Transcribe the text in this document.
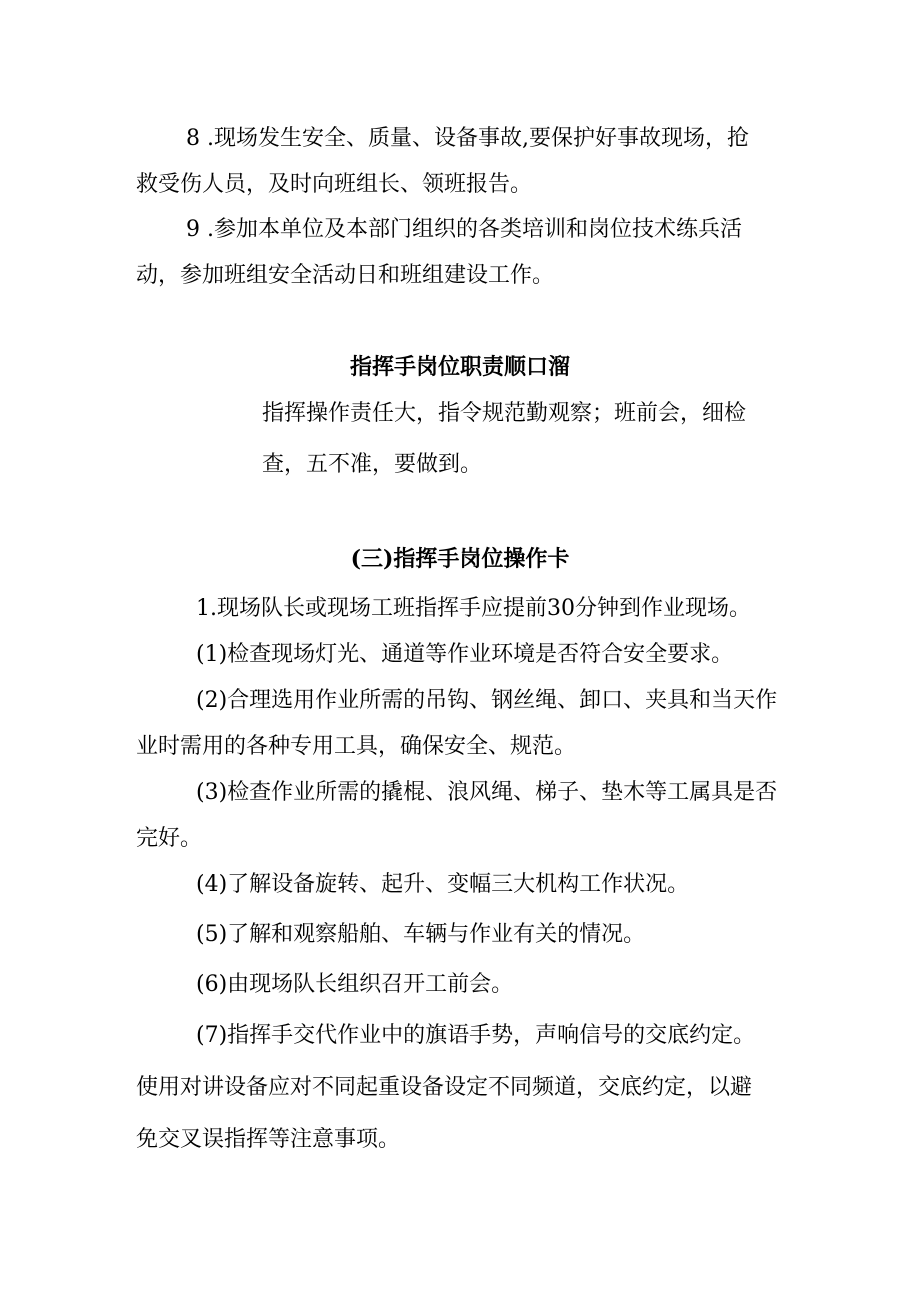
8 .现场发生安全、质量、设备事故,要保护好事故现场，抢
救受伤人员，及时向班组长、领班报告。
9 .参加本单位及本部门组织的各类培训和岗位技术练兵活
动，参加班组安全活动日和班组建设工作。
指挥手岗位职责顺口溜
指挥操作责任大，指令规范勤观察；班前会，细检
查，五不准，要做到。
(三)指挥手岗位操作卡
1.现场队长或现场工班指挥手应提前30分钟到作业现场。
(1)检查现场灯光、通道等作业环境是否符合安全要求。
(2)合理选用作业所需的吊钩、钢丝绳、卸口、夹具和当天作
业时需用的各种专用工具，确保安全、规范。
(3)检查作业所需的撬棍、浪风绳、梯子、垫木等工属具是否
完好。
(4)了解设备旋转、起升、变幅三大机构工作状况。
(5)了解和观察船舶、车辆与作业有关的情况。
(6)由现场队长组织召开工前会。
(7)指挥手交代作业中的旗语手势，声响信号的交底约定。
使用对讲设备应对不同起重设备设定不同频道，交底约定，以避
免交叉误指挥等注意事项。
